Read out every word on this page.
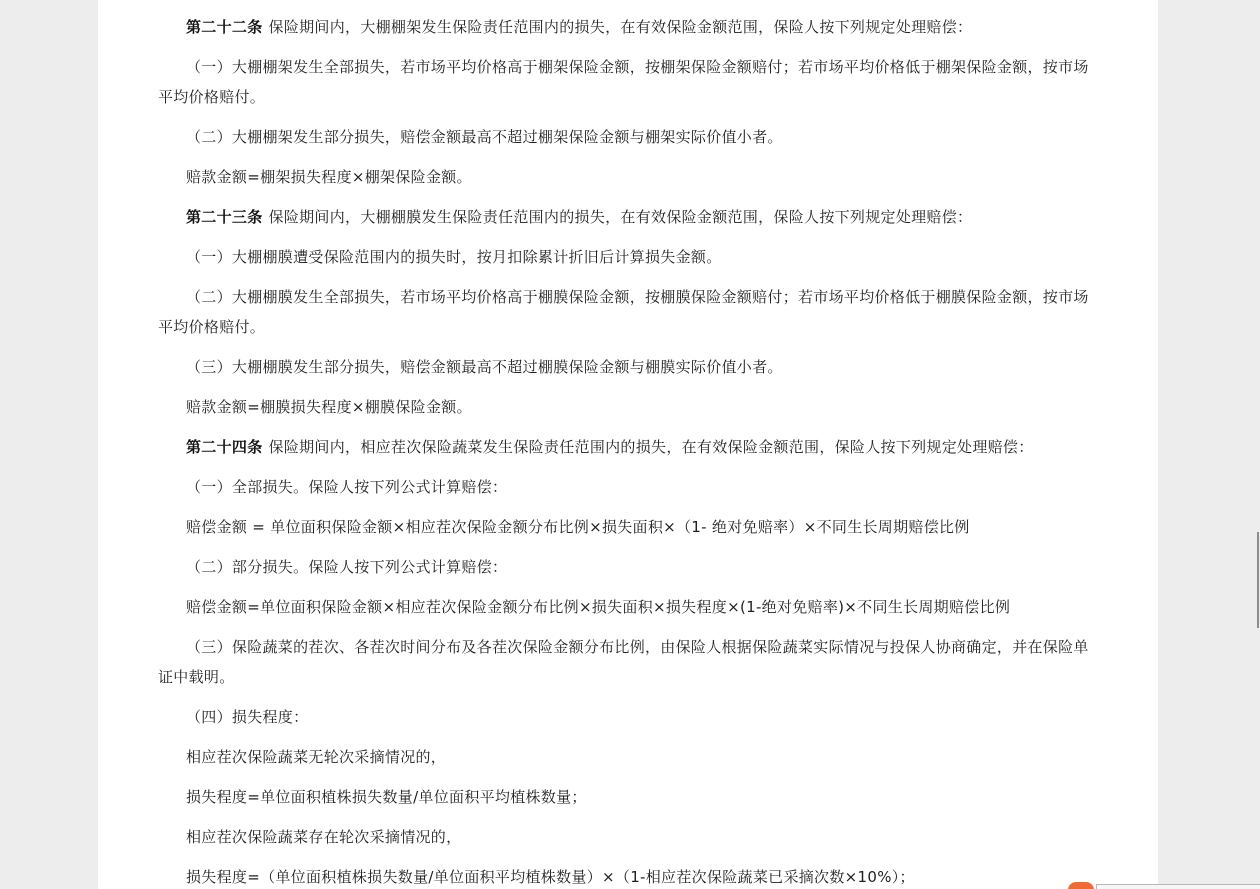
第二十二条 保险期间内，大棚棚架发生保险责任范围内的损失，在有效保险金额范围，保险人按下列规定处理赔偿：

（一）大棚棚架发生全部损失，若市场平均价格高于棚架保险金额，按棚架保险金额赔付；若市场平均价格低于棚架保险金额，按市场平均价格赔付。

（二）大棚棚架发生部分损失，赔偿金额最高不超过棚架保险金额与棚架实际价值小者。

赔款金额=棚架损失程度×棚架保险金额。

第二十三条 保险期间内，大棚棚膜发生保险责任范围内的损失，在有效保险金额范围，保险人按下列规定处理赔偿：

（一）大棚棚膜遭受保险范围内的损失时，按月扣除累计折旧后计算损失金额。

（二）大棚棚膜发生全部损失，若市场平均价格高于棚膜保险金额，按棚膜保险金额赔付；若市场平均价格低于棚膜保险金额，按市场平均价格赔付。

（三）大棚棚膜发生部分损失，赔偿金额最高不超过棚膜保险金额与棚膜实际价值小者。

赔款金额=棚膜损失程度×棚膜保险金额。

第二十四条 保险期间内，相应茬次保险蔬菜发生保险责任范围内的损失，在有效保险金额范围，保险人按下列规定处理赔偿：

（一）全部损失。保险人按下列公式计算赔偿：

赔偿金额 = 单位面积保险金额×相应茬次保险金额分布比例×损失面积×（1- 绝对免赔率）×不同生长周期赔偿比例

（二）部分损失。保险人按下列公式计算赔偿：

赔偿金额=单位面积保险金额×相应茬次保险金额分布比例×损失面积×损失程度×(1-绝对免赔率)×不同生长周期赔偿比例

（三）保险蔬菜的茬次、各茬次时间分布及各茬次保险金额分布比例，由保险人根据保险蔬菜实际情况与投保人协商确定，并在保险单证中载明。

（四）损失程度：

相应茬次保险蔬菜无轮次采摘情况的，

损失程度=单位面积植株损失数量/单位面积平均植株数量；

相应茬次保险蔬菜存在轮次采摘情况的，

损失程度=（单位面积植株损失数量/单位面积平均植株数量）×（1-相应茬次保险蔬菜已采摘次数×10%）；
